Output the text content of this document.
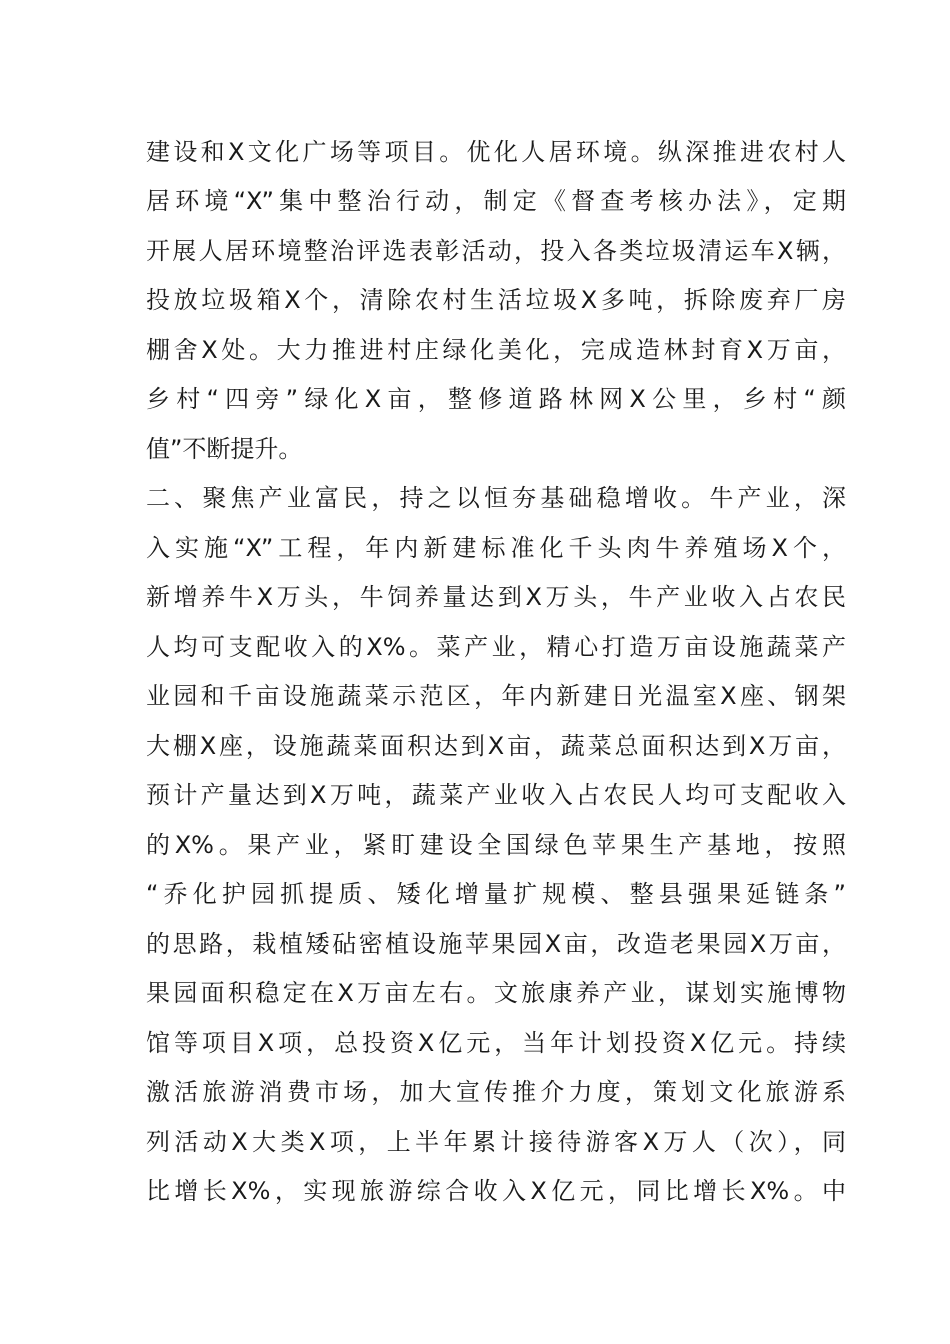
建设和X文化广场等项目。优化人居环境。纵深推进农村人
居环境“X”集中整治行动，制定《督查考核办法》，定期
开展人居环境整治评选表彰活动，投入各类垃圾清运车X辆，
投放垃圾箱X个，清除农村生活垃圾X多吨，拆除废弃厂房
棚舍X处。大力推进村庄绿化美化，完成造林封育X万亩，
乡村“四旁”绿化X亩，整修道路林网X公里，乡村“颜
值”不断提升。
二、聚焦产业富民，持之以恒夯基础稳增收。牛产业，深
入实施“X”工程，年内新建标准化千头肉牛养殖场X个，
新增养牛X万头，牛饲养量达到X万头，牛产业收入占农民
人均可支配收入的X%。菜产业，精心打造万亩设施蔬菜产
业园和千亩设施蔬菜示范区，年内新建日光温室X座、钢架
大棚X座，设施蔬菜面积达到X亩，蔬菜总面积达到X万亩，
预计产量达到X万吨，蔬菜产业收入占农民人均可支配收入
的X%。果产业，紧盯建设全国绿色苹果生产基地，按照
“乔化护园抓提质、矮化增量扩规模、整县强果延链条”
的思路，栽植矮砧密植设施苹果园X亩，改造老果园X万亩，
果园面积稳定在X万亩左右。文旅康养产业，谋划实施博物
馆等项目X项，总投资X亿元，当年计划投资X亿元。持续
激活旅游消费市场，加大宣传推介力度，策划文化旅游系
列活动X大类X项，上半年累计接待游客X万人（次），同
比增长X%，实现旅游综合收入X亿元，同比增长X%。中
